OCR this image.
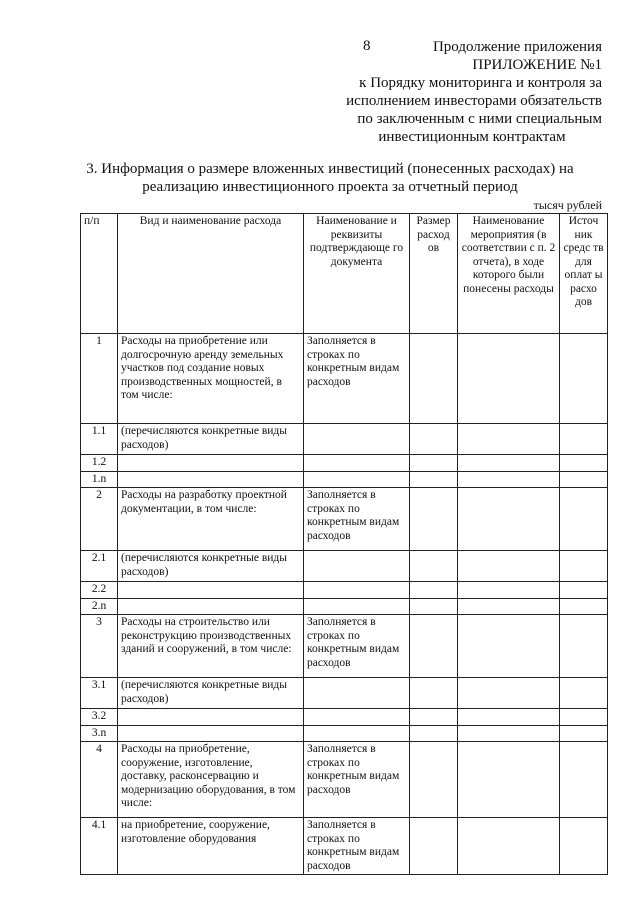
8	Продолжение приложения
ПРИЛОЖЕНИЕ №1
к Порядку мониторинга и контроля за
исполнением инвесторами обязательств
по заключенным с ними специальным
инвестиционным контрактам
3. Информация о размере вложенных инвестиций (понесенных расходах) на
реализацию инвестиционного проекта за отчетный период
тысяч рублей
п/п	Вид и наименование расхода	Наименование и реквизиты подтверждающе го документа	Размер расход ов	Наименование мероприятия (в соответствии с п. 2 отчета), в ходе которого были понесены расходы	Источ ник средс тв для оплат ы расхо дов
1	Расходы на приобретение или долгосрочную аренду земельных участков под создание новых производственных мощностей, в том числе:	Заполняется в строках по конкретным видам расходов			
1.1	(перечисляются конкретные виды расходов)				
1.2					
1.n					
2	Расходы на разработку проектной документации, в том числе:	Заполняется в строках по конкретным видам расходов			
2.1	(перечисляются конкретные виды расходов)				
2.2					
2.n					
3	Расходы на строительство или реконструкцию производственных зданий и сооружений, в том числе:	Заполняется в строках по конкретным видам расходов			
3.1	(перечисляются конкретные виды расходов)				
3.2					
3.n					
4	Расходы на приобретение, сооружение, изготовление, доставку, расконсервацию и модернизацию оборудования, в том числе:	Заполняется в строках по конкретным видам расходов			
4.1	на приобретение, сооружение, изготовление оборудования	Заполняется в строках по конкретным видам расходов			
